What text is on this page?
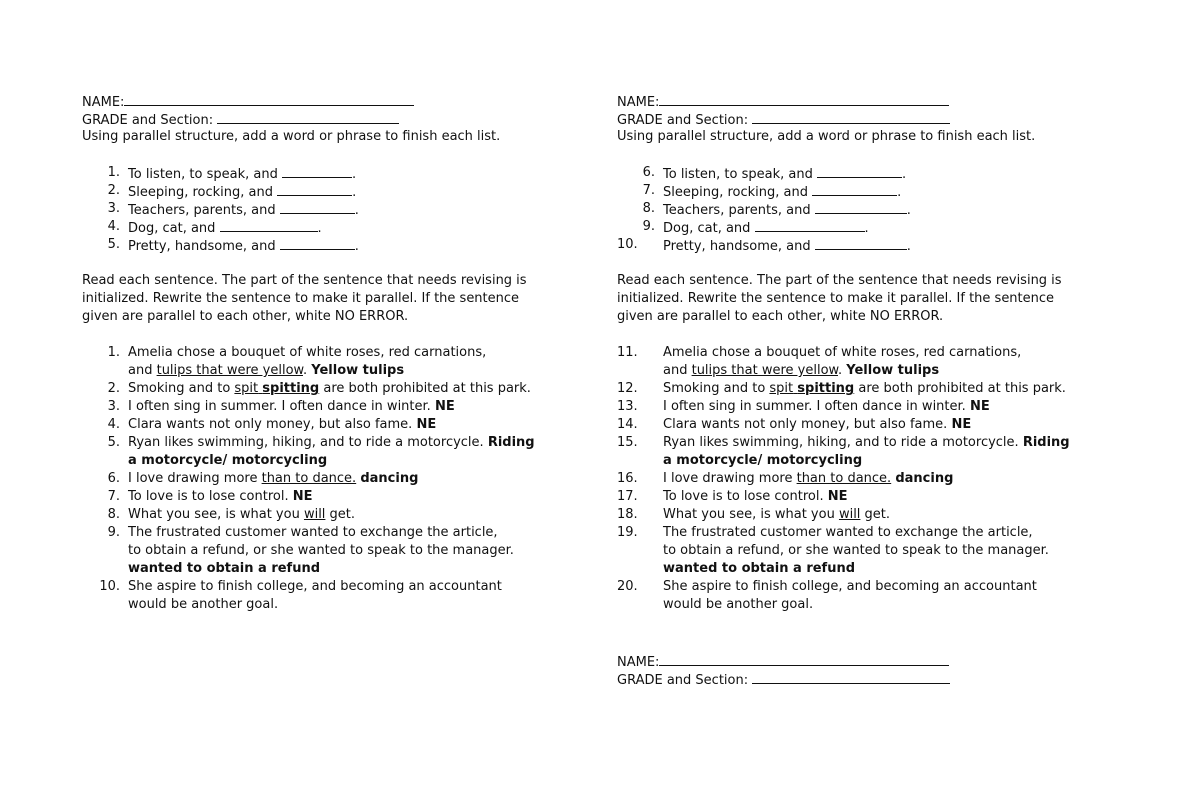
NAME:
GRADE and Section:
Using parallel structure, add a word or phrase to finish each list.
1. To listen, to speak, and	.
2. Sleeping, rocking, and	.
3. Teachers, parents, and	.
4. Dog, cat, and	.
5. Pretty, handsome, and	.
Read each sentence. The part of the sentence that needs revising is
initialized. Rewrite the sentence to make it parallel. If the sentence
given are parallel to each other, white NO ERROR.
1. Amelia chose a bouquet of white roses, red carnations,
and tulips that were yellow. Yellow tulips
2. Smoking and to spit spitting are both prohibited at this park.
3. I often sing in summer. I often dance in winter. NE
4. Clara wants not only money, but also fame. NE
5. Ryan likes swimming, hiking, and to ride a motorcycle. Riding
a motorcycle/ motorcycling
6. I love drawing more than to dance. dancing
7. To love is to lose control. NE
8. What you see, is what you will get.
9. The frustrated customer wanted to exchange the article,
to obtain a refund, or she wanted to speak to the manager.
wanted to obtain a refund
10. She aspire to finish college, and becoming an accountant
would be another goal.
NAME:
GRADE and Section:
Using parallel structure, add a word or phrase to finish each list.
6. To listen, to speak, and	.
7. Sleeping, rocking, and	.
8. Teachers, parents, and	.
9. Dog, cat, and	.
10.	Pretty, handsome, and	.
Read each sentence. The part of the sentence that needs revising is
initialized. Rewrite the sentence to make it parallel. If the sentence
given are parallel to each other, white NO ERROR.
11.	Amelia chose a bouquet of white roses, red carnations,
and tulips that were yellow. Yellow tulips
12.	Smoking and to spit spitting are both prohibited at this park.
13.	I often sing in summer. I often dance in winter. NE
14.	Clara wants not only money, but also fame. NE
15.	Ryan likes swimming, hiking, and to ride a motorcycle. Riding
a motorcycle/ motorcycling
16.	I love drawing more than to dance. dancing
17.	To love is to lose control. NE
18.	What you see, is what you will get.
19.	The frustrated customer wanted to exchange the article,
to obtain a refund, or she wanted to speak to the manager.
wanted to obtain a refund
20.	She aspire to finish college, and becoming an accountant
would be another goal.
NAME:
GRADE and Section:
